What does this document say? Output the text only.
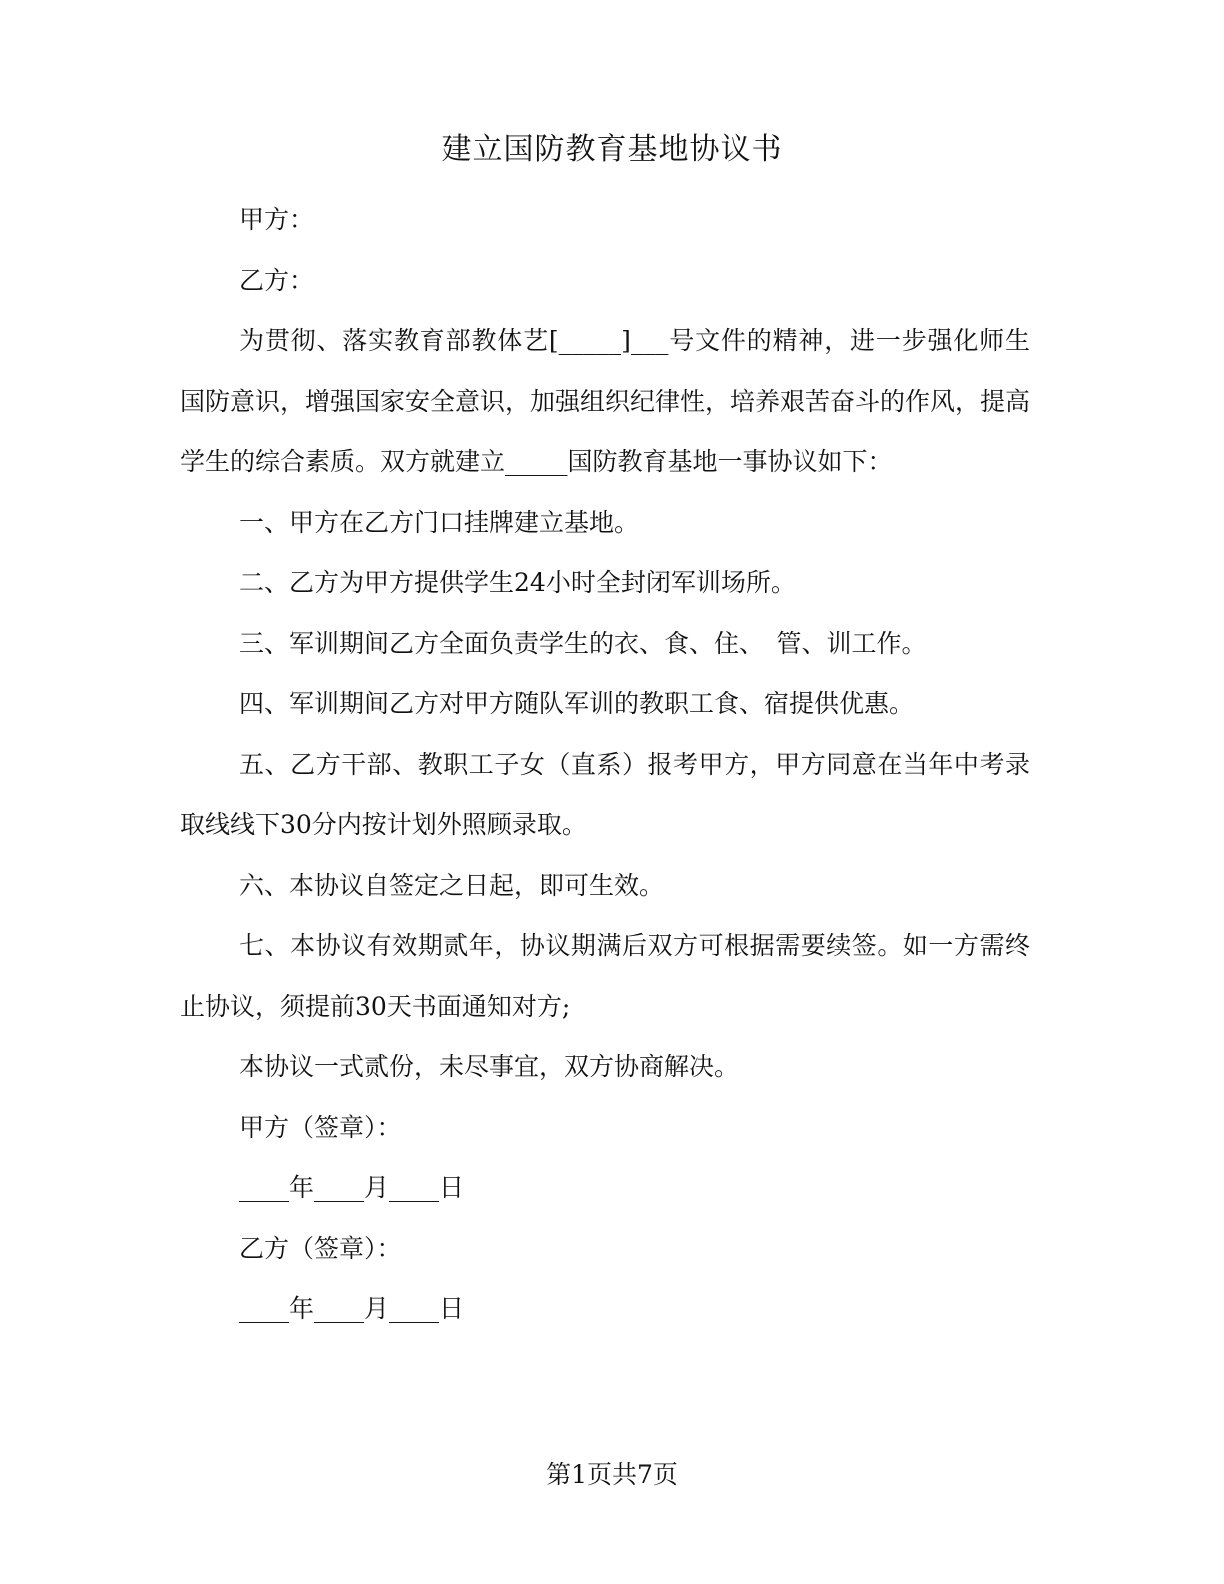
建立国防教育基地协议书

甲方：

乙方：

为贯彻、落实教育部教体艺[_____]___号文件的精神，进一步强化师生国防意识，增强国家安全意识，加强组织纪律性，培养艰苦奋斗的作风，提高学生的综合素质。双方就建立_____国防教育基地一事协议如下：

一、甲方在乙方门口挂牌建立基地。

二、乙方为甲方提供学生24小时全封闭军训场所。

三、军训期间乙方全面负责学生的衣、食、住、　管、训工作。

四、军训期间乙方对甲方随队军训的教职工食、宿提供优惠。

五、乙方干部、教职工子女（直系）报考甲方，甲方同意在当年中考录取线线下30分内按计划外照顾录取。

六、本协议自签定之日起，即可生效。

七、本协议有效期贰年，协议期满后双方可根据需要续签。如一方需终止协议，须提前30天书面通知对方;

本协议一式贰份，未尽事宜，双方协商解决。

甲方（签章）：

____年____月____日

乙方（签章）：

____年____月____日

第1页共7页
